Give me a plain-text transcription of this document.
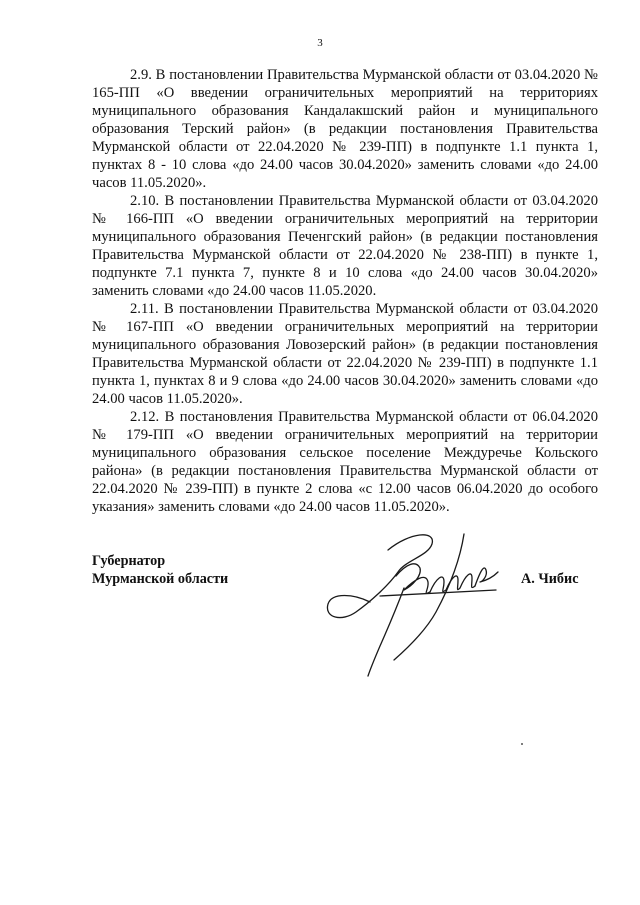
3

2.9. В постановлении Правительства Мурманской области от 03.04.2020 № 165-ПП «О введении ограничительных мероприятий на территориях муниципального образования Кандалакшский район и муниципального образования Терский район» (в редакции постановления Правительства Мурманской области от 22.04.2020 № 239-ПП) в подпункте 1.1 пункта 1, пунктах 8 - 10 слова «до 24.00 часов 30.04.2020» заменить словами «до 24.00 часов 11.05.2020».

2.10. В постановлении Правительства Мурманской области от 03.04.2020 № 166-ПП «О введении ограничительных мероприятий на территории муниципального образования Печенгский район» (в редакции постановления Правительства Мурманской области от 22.04.2020 № 238-ПП) в пункте 1, подпункте 7.1 пункта 7, пункте 8 и 10 слова «до 24.00 часов 30.04.2020» заменить словами «до 24.00 часов 11.05.2020.

2.11. В постановлении Правительства Мурманской области от 03.04.2020 № 167-ПП «О введении ограничительных мероприятий на территории муниципального образования Ловозерский район» (в редакции постановления Правительства Мурманской области от 22.04.2020 № 239-ПП) в подпункте 1.1 пункта 1, пунктах 8 и 9 слова «до 24.00 часов 30.04.2020» заменить словами «до 24.00 часов 11.05.2020».

2.12. В постановления Правительства Мурманской области от 06.04.2020 № 179-ПП «О введении ограничительных мероприятий на территории муниципального образования сельское поселение Междуречье Кольского района» (в редакции постановления Правительства Мурманской области от 22.04.2020 № 239-ПП) в пункте 2 слова «с 12.00 часов 06.04.2020 до особого указания» заменить словами «до 24.00 часов 11.05.2020».

Губернатор
Мурманской области	А. Чибис
